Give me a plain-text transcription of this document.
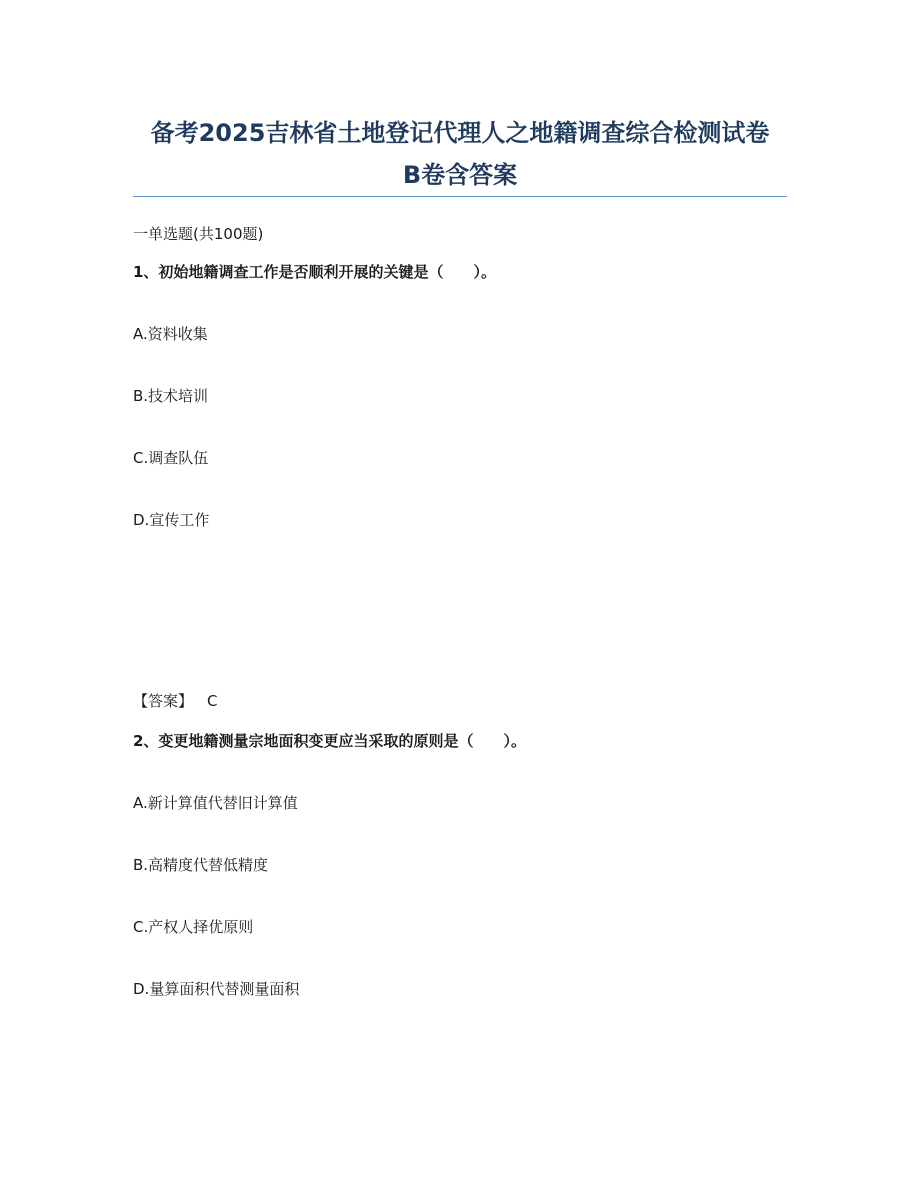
备考2025吉林省土地登记代理人之地籍调查综合检测试卷
B卷含答案
一单选题(共100题)
1、初始地籍调查工作是否顺利开展的关键是（　　）。
A.资料收集
B.技术培训
C.调查队伍
D.宣传工作
【答案】 C
2、变更地籍测量宗地面积变更应当采取的原则是（　　）。
A.新计算值代替旧计算值
B.高精度代替低精度
C.产权人择优原则
D.量算面积代替测量面积
